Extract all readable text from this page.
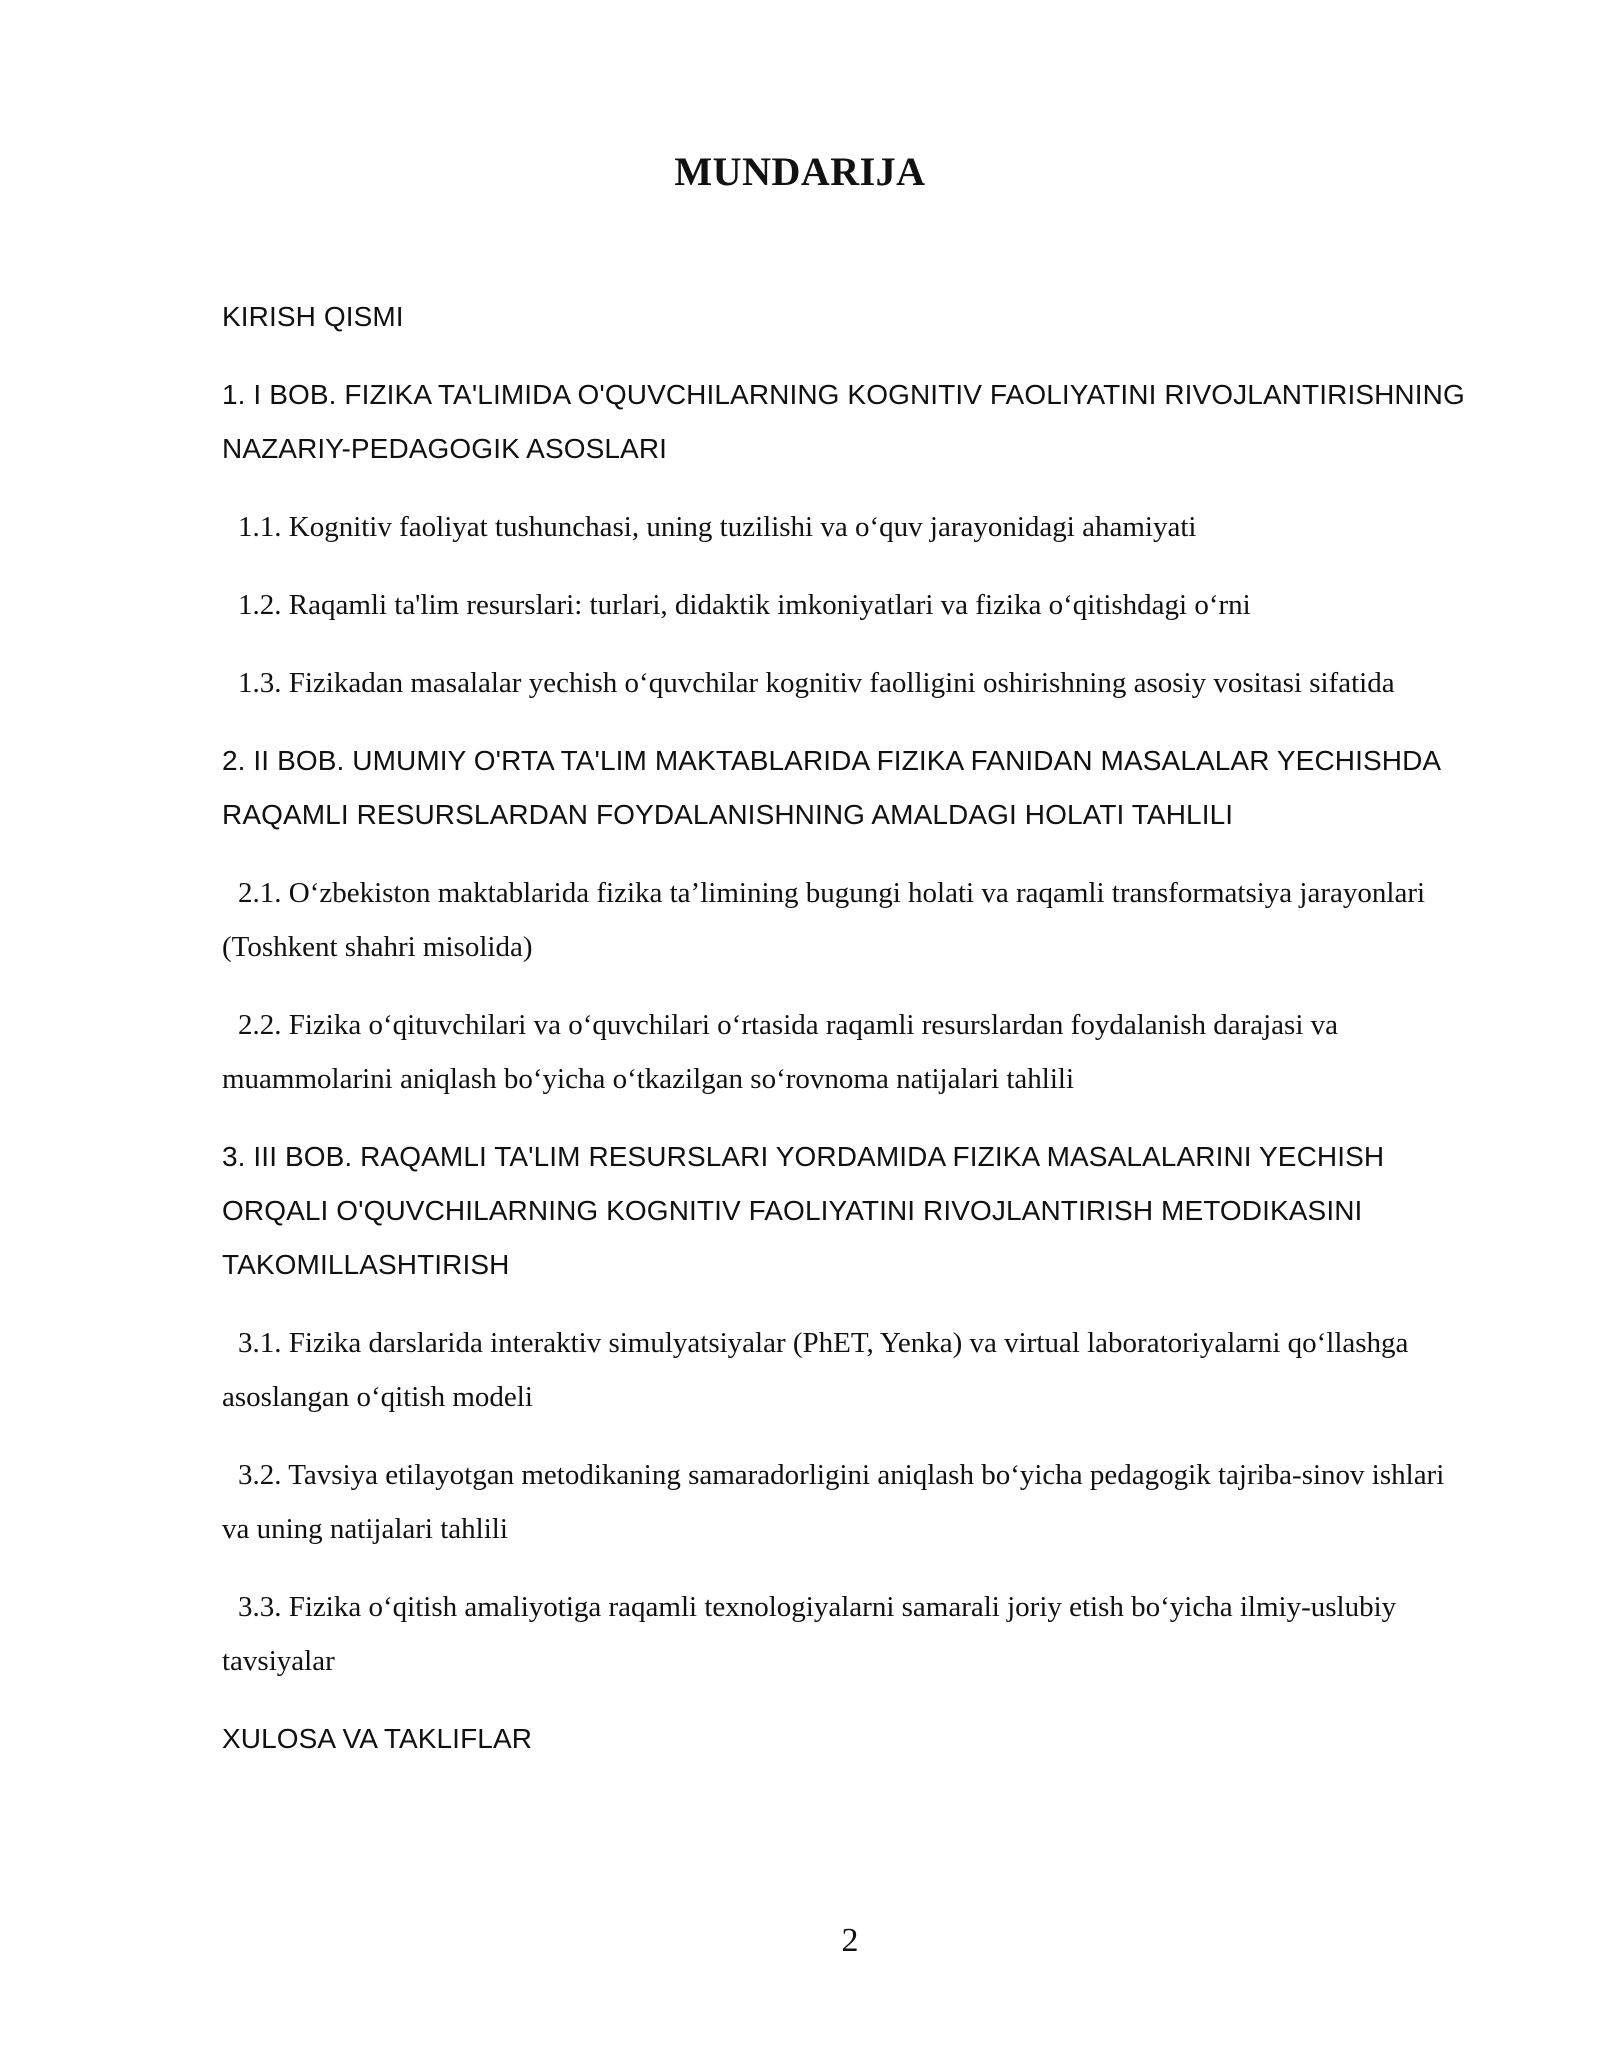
MUNDARIJA

KIRISH QISMI

1. I BOB. FIZIKA TA'LIMIDA O'QUVCHILARNING KOGNITIV FAOLIYATINI RIVOJLANTIRISHNING NAZARIY-PEDAGOGIK ASOSLARI

1.1. Kognitiv faoliyat tushunchasi, uning tuzilishi va o‘quv jarayonidagi ahamiyati

1.2. Raqamli ta'lim resurslari: turlari, didaktik imkoniyatlari va fizika o‘qitishdagi o‘rni

1.3. Fizikadan masalalar yechish o‘quvchilar kognitiv faolligini oshirishning asosiy vositasi sifatida

2. II BOB. UMUMIY O'RTA TA'LIM MAKTABLARIDA FIZIKA FANIDAN MASALALAR YECHISHDA RAQAMLI RESURSLARDAN FOYDALANISHNING AMALDAGI HOLATI TAHLILI

2.1. O‘zbekiston maktablarida fizika ta’limining bugungi holati va raqamli transformatsiya jarayonlari (Toshkent shahri misolida)

2.2. Fizika o‘qituvchilari va o‘quvchilari o‘rtasida raqamli resurslardan foydalanish darajasi va muammolarini aniqlash bo‘yicha o‘tkazilgan so‘rovnoma natijalari tahlili

3. III BOB. RAQAMLI TA'LIM RESURSLARI YORDAMIDA FIZIKA MASALALARINI YECHISH ORQALI O'QUVCHILARNING KOGNITIV FAOLIYATINI RIVOJLANTIRISH METODIKASINI TAKOMILLASHTIRISH

3.1. Fizika darslarida interaktiv simulyatsiyalar (PhET, Yenka) va virtual laboratoriyalarni qo‘llashga asoslangan o‘qitish modeli

3.2. Tavsiya etilayotgan metodikaning samaradorligini aniqlash bo‘yicha pedagogik tajriba-sinov ishlari va uning natijalari tahlili

3.3. Fizika o‘qitish amaliyotiga raqamli texnologiyalarni samarali joriy etish bo‘yicha ilmiy-uslubiy tavsiyalar

XULOSA VA TAKLIFLAR

2
